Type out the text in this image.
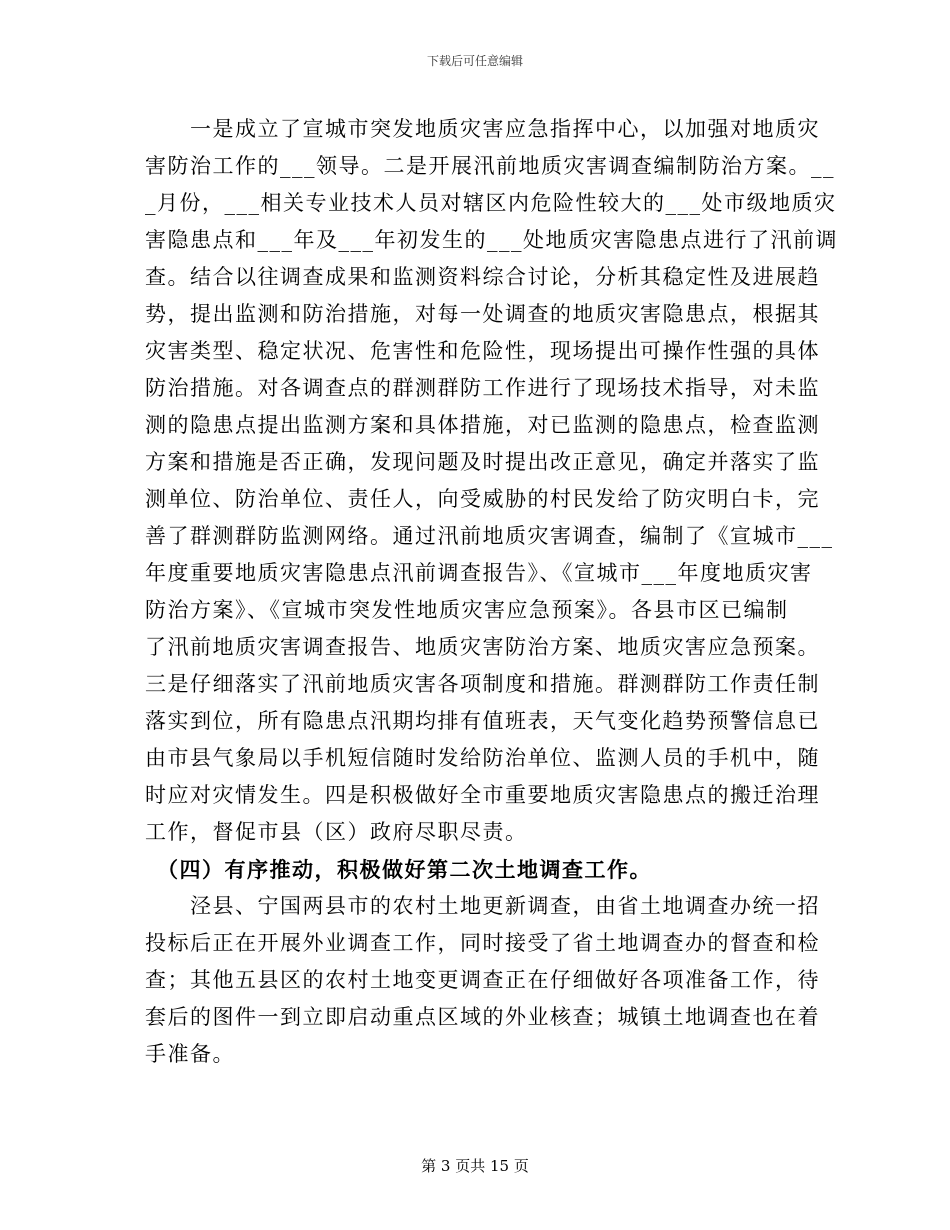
下载后可任意编辑
　　一是成立了宣城市突发地质灾害应急指挥中心，以加强对地质灾
害防治工作的___领导。二是开展汛前地质灾害调查编制防治方案。__
_月份，___相关专业技术人员对辖区内危险性较大的___处市级地质灾
害隐患点和___年及___年初发生的___处地质灾害隐患点进行了汛前调
查。结合以往调查成果和监测资料综合讨论，分析其稳定性及进展趋
势，提出监测和防治措施，对每一处调查的地质灾害隐患点，根据其
灾害类型、稳定状况、危害性和危险性，现场提出可操作性强的具体
防治措施。对各调查点的群测群防工作进行了现场技术指导，对未监
测的隐患点提出监测方案和具体措施，对已监测的隐患点，检查监测
方案和措施是否正确，发现问题及时提出改正意见，确定并落实了监
测单位、防治单位、责任人，向受威胁的村民发给了防灾明白卡，完
善了群测群防监测网络。通过汛前地质灾害调查，编制了《宣城市___
年度重要地质灾害隐患点汛前调查报告》、《宣城市___年度地质灾害
防治方案》、《宣城市突发性地质灾害应急预案》。各县市区已编制
了汛前地质灾害调查报告、地质灾害防治方案、地质灾害应急预案。
三是仔细落实了汛前地质灾害各项制度和措施。群测群防工作责任制
落实到位，所有隐患点汛期均排有值班表，天气变化趋势预警信息已
由市县气象局以手机短信随时发给防治单位、监测人员的手机中，随
时应对灾情发生。四是积极做好全市重要地质灾害隐患点的搬迁治理
工作，督促市县（区）政府尽职尽责。
　（四）有序推动，积极做好第二次土地调查工作。
　　泾县、宁国两县市的农村土地更新调查，由省土地调查办统一招
投标后正在开展外业调查工作，同时接受了省土地调查办的督查和检
查；其他五县区的农村土地变更调查正在仔细做好各项准备工作，待
套后的图件一到立即启动重点区域的外业核查；城镇土地调查也在着
手准备。
第 3 页共 15 页
